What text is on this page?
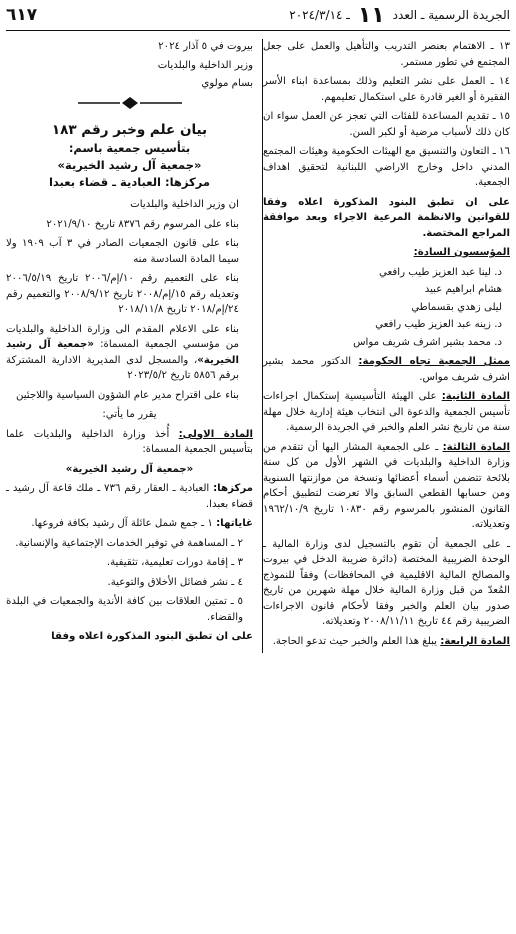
الجريدة الرسمية ـ العدد
١١
ـ ٢٠٢٤/٣/١٤
٦١٧

١٣ ـ الاهتمام بعنصر التدريب والتأهيل والعمل على جعل المجتمع في تطور مستمر.

١٤ ـ العمل على نشر التعليم وذلك بمساعدة ابناء الأسر الفقيرة أو الغير قادرة على استكمال تعليمهم.

١٥ ـ تقديم المساعدة للفئات التي تعجز عن العمل سواء ان كان ذلك لأسباب مرضية أو لكبر السن.

١٦ ـ التعاون والتنسيق مع الهيئات الحكومية وهيئات المجتمع المدني داخل وخارج الاراضي اللبنانية لتحقيق اهداف الجمعية.

على ان تطبق البنود المذكورة اعلاه وفقا للقوانين والانظمة المرعية الاجراء وبعد موافقة المراجع المختصة.

المؤسسون السادة:

د. لينا عبد العزيز طيب رافعي
هشام ابراهيم عبيد
ليلى زهدي بقسماطي
د. زينه عبد العزيز طيب رافعي
د. محمد بشير اشرف شريف مواس

ممثل الجمعية تجاه الحكومة: الدكتور محمد بشير اشرف شريف مواس.

المادة الثانية: على الهيئة التأسيسية إستكمال اجراءات تأسيس الجمعية والدعوة الى انتخاب هيئة إدارية خلال مهلة سنة من تاريخ نشر العلم والخبر في الجريدة الرسمية.

المادة الثالثة: ـ على الجمعية المشار اليها أن تتقدم من وزارة الداخلية والبلديات في الشهر الأول من كل سنة بلائحة تتضمن أسماء أعضائها ونسخة من موازنتها السنوية ومن حسابها القطعي السابق والا تعرضت لتطبيق أحكام القانون المنشور بالمرسوم رقم ١٠٨٣٠ تاريخ ١٩٦٢/١٠/٩ وتعديلاته.

ـ على الجمعية أن تقوم بالتسجيل لدى وزارة المالية ـ الوحدة الضريبية المختصة (دائرة ضريبة الدخل في بيروت والمصالح المالية الاقليمية في المحافظات) وفقاً للنموذج المُعدّ من قبل وزارة المالية خلال مهلة شهرين من تاريخ صدور بيان العلم والخبر وفقا لأحكام قانون الاجراءات الضريبية رقم ٤٤ تاريخ ٢٠٠٨/١١/١١ وتعديلاته.

المادة الرابعة: يبلغ هذا العلم والخبر حيث تدعو الحاجة.

بيروت في ٥ آذار ٢٠٢٤
وزير الداخلية والبلديات
بسام مولوي
بيان علم وخبر رقم ١٨٣
بتأسيس جمعية باسم:
«جمعية آل رشيد الخيرية»
مركزها: العبادية ـ قضاء بعبدا

ان وزير الداخلية والبلديات

بناء على المرسوم رقم ٨٣٧٦ تاريخ ٢٠٢١/٩/١٠

بناء على قانون الجمعيات الصادر في ٣ آب ١٩٠٩ ولا سيما المادة السادسة منه

بناء على التعميم رقم ١٠/إم/٢٠٠٦ تاريخ ٢٠٠٦/٥/١٩ وتعديله رقم ١٥/إم/٢٠٠٨ تاريخ ٢٠٠٨/٩/١٢ والتعميم رقم ٢٤/إم/٢٠١٨ تاريخ ٢٠١٨/١١/٨

بناء على الاعلام المقدم الى وزارة الداخلية والبلديات من مؤسسي الجمعية المسماة: «جمعية آل رشيد الخيرية»، والمسجل لدى المديرية الادارية المشتركة برقم ٥٨٥٦ تاريخ ٢٠٢٣/٥/٢

بناء على اقتراح مدير عام الشؤون السياسية واللاجئين

يقرر ما يأتي:

المادة الاولى: أُخذ وزارة الداخلية والبلديات علما بتأسيس الجمعية المسماة:

«جمعية آل رشيد الخيرية»

مركزها: العبادية ـ العقار رقم ٧٣٦ ـ ملك قاعة آل رشيد ـ قضاء بعبدا.

غاياتها: ١ ـ جمع شمل عائلة آل رشيد بكافة فروعها.

٢ ـ المساهمة في توفير الخدمات الإجتماعية والإنسانية.

٣ ـ إقامة دورات تعليمية، تثقيفية.

٤ ـ نشر فضائل الأخلاق والتوعية.

٥ ـ تمتين العلاقات بين كافة الأندية والجمعيات في البلدة والقضاء.

على ان تطبق البنود المذكورة اعلاه وفقا
